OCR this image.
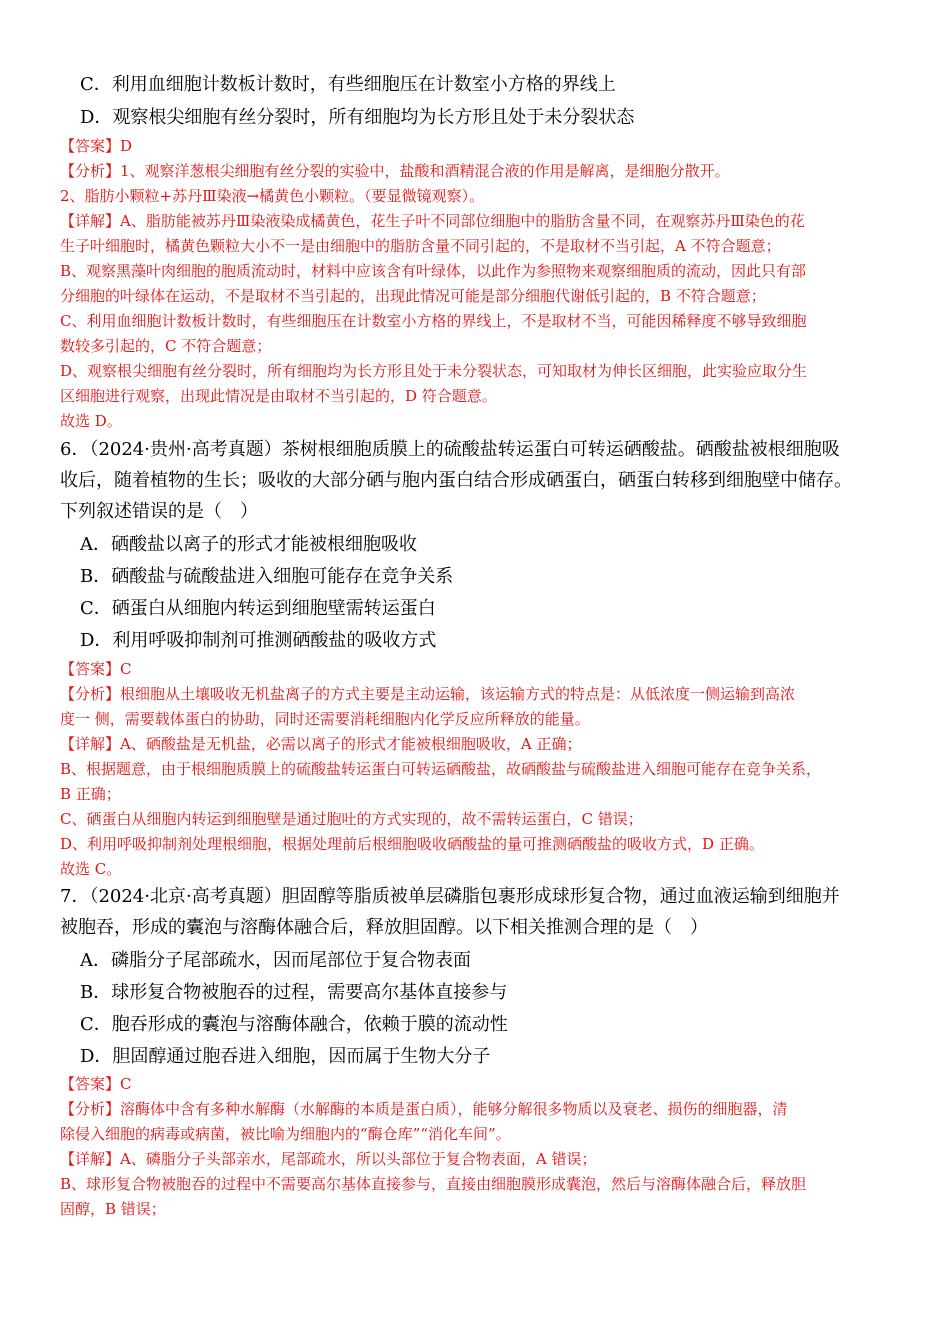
C．利用血细胞计数板计数时，有些细胞压在计数室小方格的界线上
D．观察根尖细胞有丝分裂时，所有细胞均为长方形且处于未分裂状态
【答案】D
【分析】1、观察洋葱根尖细胞有丝分裂的实验中，盐酸和酒精混合液的作用是解离，是细胞分散开。
2、脂肪小颗粒+苏丹Ⅲ染液→橘黄色小颗粒。（要显微镜观察）。
【详解】A、脂肪能被苏丹Ⅲ染液染成橘黄色，花生子叶不同部位细胞中的脂肪含量不同，在观察苏丹Ⅲ染色的花
生子叶细胞时，橘黄色颗粒大小不一是由细胞中的脂肪含量不同引起的，不是取材不当引起，A 不符合题意；
B、观察黑藻叶肉细胞的胞质流动时，材料中应该含有叶绿体，以此作为参照物来观察细胞质的流动，因此只有部
分细胞的叶绿体在运动，不是取材不当引起的，出现此情况可能是部分细胞代谢低引起的，B 不符合题意；
C、利用血细胞计数板计数时，有些细胞压在计数室小方格的界线上，不是取材不当，可能因稀释度不够导致细胞
数较多引起的，C 不符合题意；
D、观察根尖细胞有丝分裂时，所有细胞均为长方形且处于未分裂状态，可知取材为伸长区细胞，此实验应取分生
区细胞进行观察，出现此情况是由取材不当引起的，D 符合题意。
故选 D。
6．（2024·贵州·高考真题）茶树根细胞质膜上的硫酸盐转运蛋白可转运硒酸盐。硒酸盐被根细胞吸
收后，随着植物的生长；吸收的大部分硒与胞内蛋白结合形成硒蛋白，硒蛋白转移到细胞壁中储存。
下列叙述错误的是（　）
A．硒酸盐以离子的形式才能被根细胞吸收
B．硒酸盐与硫酸盐进入细胞可能存在竞争关系
C．硒蛋白从细胞内转运到细胞壁需转运蛋白
D．利用呼吸抑制剂可推测硒酸盐的吸收方式
【答案】C
【分析】根细胞从土壤吸收无机盐离子的方式主要是主动运输，该运输方式的特点是：从低浓度一侧运输到高浓
度一 侧，需要载体蛋白的协助，同时还需要消耗细胞内化学反应所释放的能量。
【详解】A、硒酸盐是无机盐，必需以离子的形式才能被根细胞吸收，A 正确；
B、根据题意，由于根细胞质膜上的硫酸盐转运蛋白可转运硒酸盐，故硒酸盐与硫酸盐进入细胞可能存在竞争关系，
B 正确；
C、硒蛋白从细胞内转运到细胞壁是通过胞吐的方式实现的，故不需转运蛋白，C 错误；
D、利用呼吸抑制剂处理根细胞，根据处理前后根细胞吸收硒酸盐的量可推测硒酸盐的吸收方式，D 正确。
故选 C。
7．（2024·北京·高考真题）胆固醇等脂质被单层磷脂包裹形成球形复合物，通过血液运输到细胞并
被胞吞，形成的囊泡与溶酶体融合后，释放胆固醇。以下相关推测合理的是（　）
A．磷脂分子尾部疏水，因而尾部位于复合物表面
B．球形复合物被胞吞的过程，需要高尔基体直接参与
C．胞吞形成的囊泡与溶酶体融合，依赖于膜的流动性
D．胆固醇通过胞吞进入细胞，因而属于生物大分子
【答案】C
【分析】溶酶体中含有多种水解酶（水解酶的本质是蛋白质），能够分解很多物质以及衰老、损伤的细胞器，清
除侵入细胞的病毒或病菌，被比喻为细胞内的“酶仓库”“消化车间”。
【详解】A、磷脂分子头部亲水，尾部疏水，所以头部位于复合物表面，A 错误；
B、球形复合物被胞吞的过程中不需要高尔基体直接参与，直接由细胞膜形成囊泡，然后与溶酶体融合后，释放胆
固醇，B 错误；
